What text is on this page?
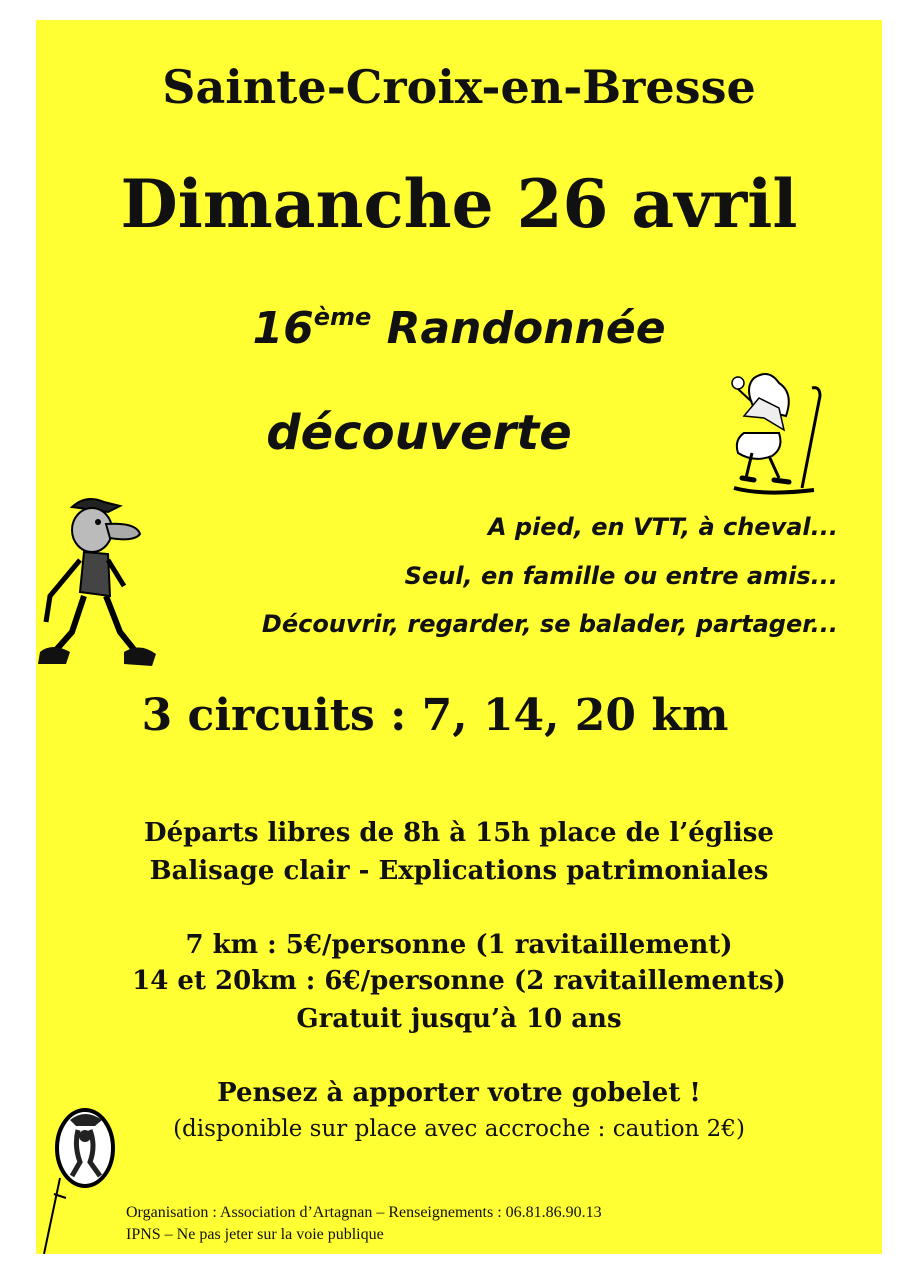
Sainte-Croix-en-Bresse
Dimanche 26 avril
16ème Randonnée
découverte
A pied, en VTT, à cheval...
Seul, en famille ou entre amis...
Découvrir, regarder, se balader, partager...
3 circuits : 7, 14, 20 km
Départs libres de 8h à 15h place de l’église
Balisage clair - Explications patrimoniales
7 km : 5€/personne (1 ravitaillement)
14 et 20km : 6€/personne (2 ravitaillements)
Gratuit jusqu’à 10 ans
Pensez à apporter votre gobelet !
(disponible sur place avec accroche : caution 2€)
Organisation : Association d’Artagnan – Renseignements : 06.81.86.90.13
IPNS – Ne pas jeter sur la voie publique
